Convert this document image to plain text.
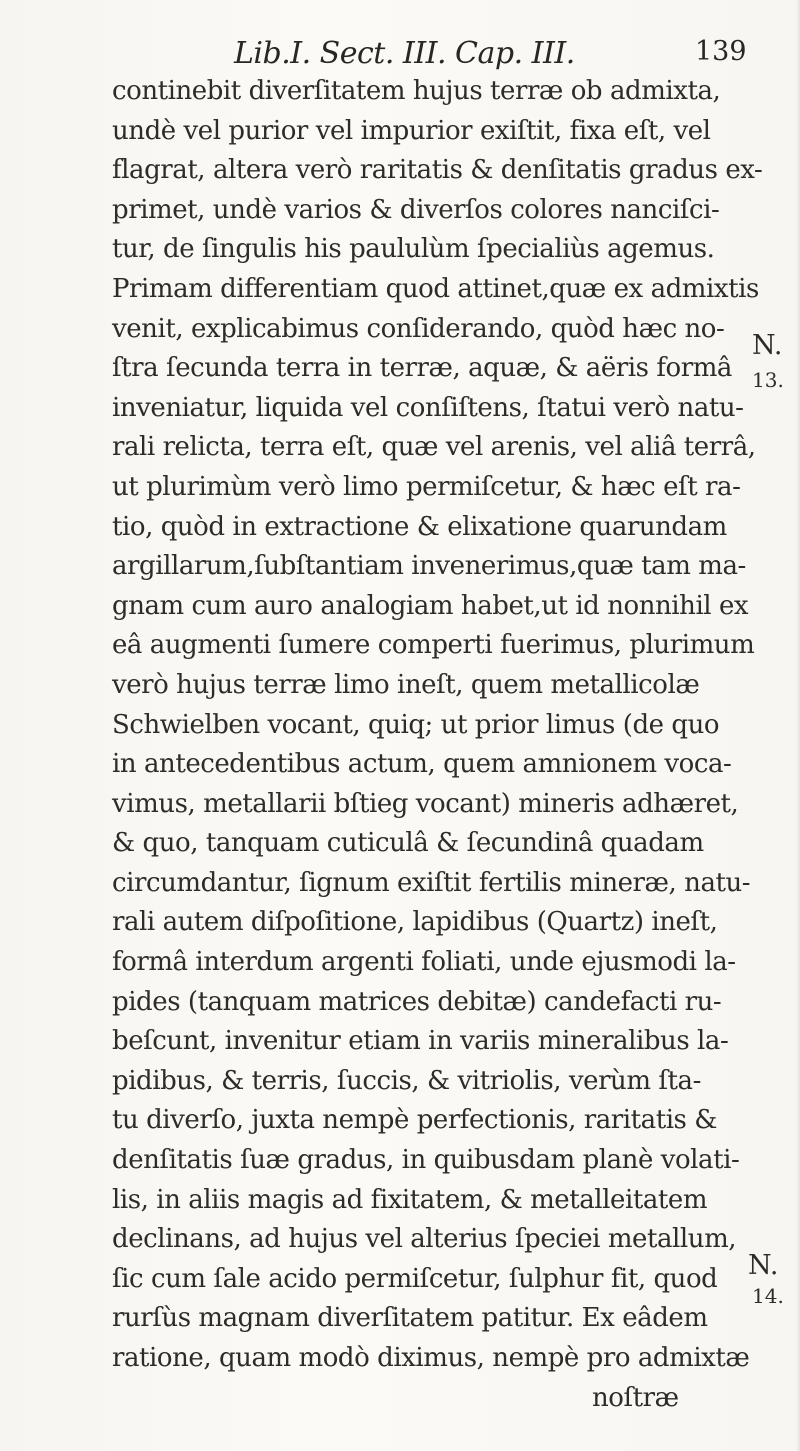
Lib.I. Sect. III. Cap. III.	139
continebit diverſitatem hujus terræ ob admixta,
undè vel purior vel impurior exiſtit, fixa eſt, vel
flagrat, altera verò raritatis & denſitatis gradus ex-
primet, undè varios & diverſos colores nanciſci-
tur, de ſingulis his paululùm ſpecialiùs agemus.
Primam differentiam quod attinet,quæ ex admixtis
venit, explicabimus conſiderando, quòd hæc no-
ſtra ſecunda terra in terræ, aquæ, & aëris formâ
inveniatur, liquida vel conſiſtens, ſtatui verò natu-
rali relicta, terra eſt, quæ vel arenis, vel aliâ terrâ,
ut plurimùm verò limo permiſcetur, & hæc eſt ra-
tio, quòd in extractione & elixatione quarundam
argillarum,ſubſtantiam invenerimus,quæ tam ma-
gnam cum auro analogiam habet,ut id nonnihil ex
eâ augmenti ſumere comperti fuerimus, plurimum
verò hujus terræ limo ineſt, quem metallicolæ
Schwielben vocant, quiq; ut prior limus (de quo
in antecedentibus actum, quem amnionem voca-
vimus, metallarii bſtieg vocant) mineris adhæret,
& quo, tanquam cuticulâ & ſecundinâ quadam
circumdantur, ſignum exiſtit fertilis mineræ, natu-
rali autem diſpoſitione, lapidibus (Quartz) ineſt,
formâ interdum argenti foliati, unde ejusmodi la-
pides (tanquam matrices debitæ) candefacti ru-
beſcunt, invenitur etiam in variis mineralibus la-
pidibus, & terris, ſuccis, & vitriolis, verùm ſta-
tu diverſo, juxta nempè perfectionis, raritatis &
denſitatis ſuæ gradus, in quibusdam planè volati-
lis, in aliis magis ad fixitatem, & metalleitatem
declinans, ad hujus vel alterius ſpeciei metallum,
ſic cum ſale acido permiſcetur, ſulphur fit, quod
rurſùs magnam diverſitatem patitur. Ex eâdem
ratione, quam modò diximus, nempè pro admixtæ
noſtræ
N.
13.
N.
14.
